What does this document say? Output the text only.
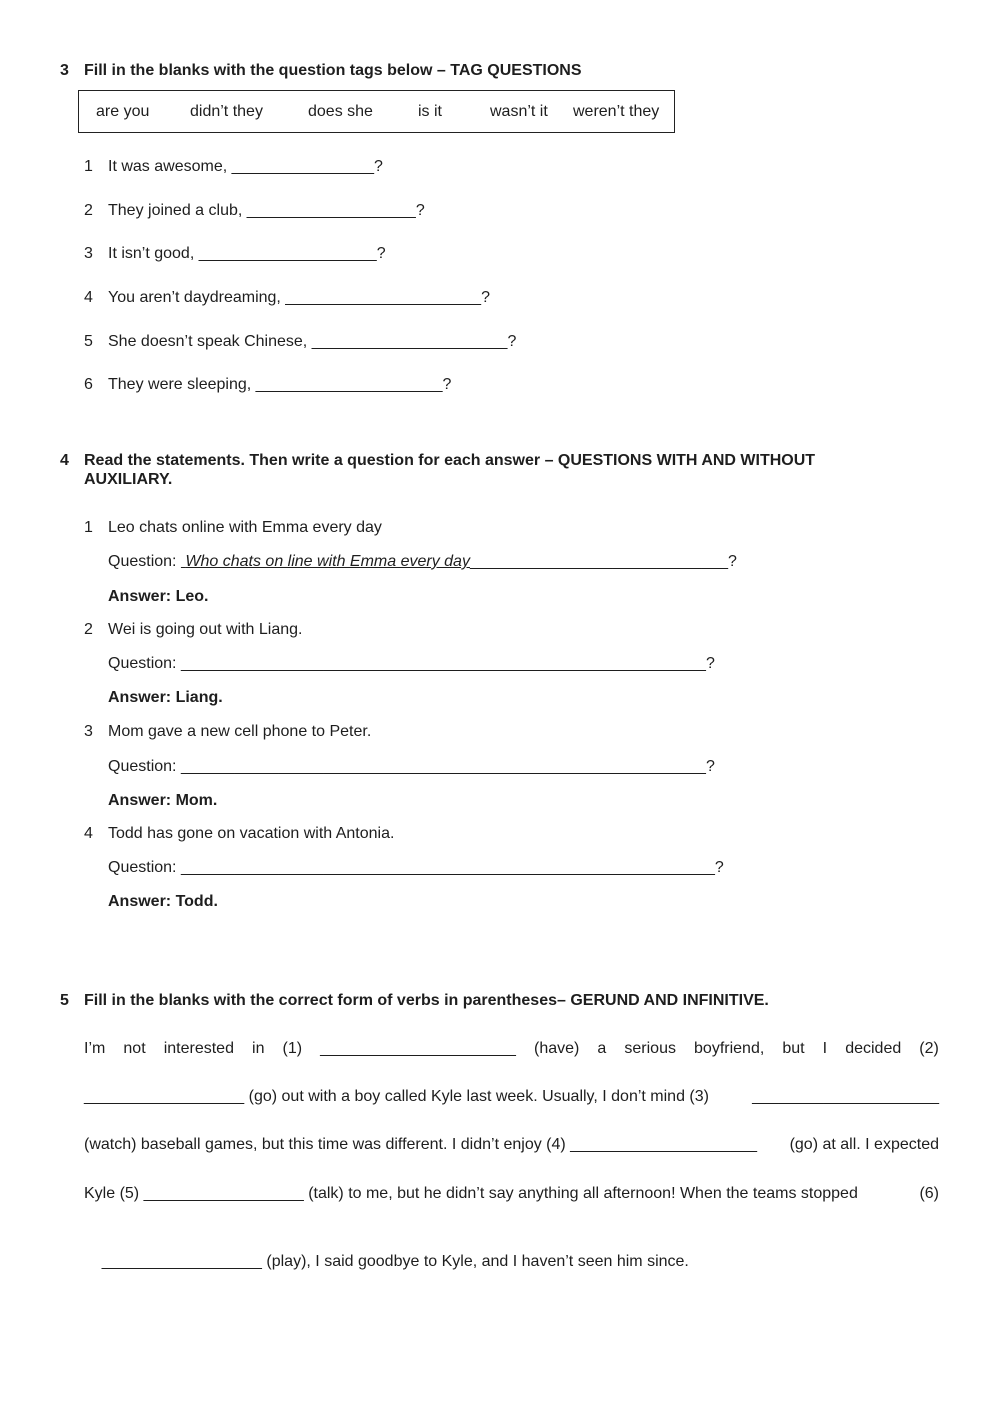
3 Fill in the blanks with the question tags below – TAG QUESTIONS
are you	didn’t they	does she	is it	wasn’t it weren’t they
1 It was awesome, ________________?
2 They joined a club, ___________________?
3 It isn’t good, ____________________?
4 You aren’t daydreaming, ______________________?
5 She doesn’t speak Chinese, ______________________?
6 They were sleeping, _____________________?
4 Read the statements. Then write a question for each answer – QUESTIONS WITH AND WITHOUT
AUXILIARY.
1 Leo chats online with Emma every day
Question:  Who chats on line with Emma every day_____________________________?
Answer: Leo.
2 Wei is going out with Liang.
Question: ___________________________________________________________?
Answer: Liang.
3 Mom gave a new cell phone to Peter.
Question: ___________________________________________________________?
Answer: Mom.
4 Todd has gone on vacation with Antonia.
Question: ____________________________________________________________?
Answer: Todd.
5 Fill in the blanks with the correct form of verbs in parentheses– GERUND AND INFINITIVE.
I’m not interested in (1) ______________________ (have) a serious boyfriend, but I decided (2)
__________________ (go) out with a boy called Kyle last week. Usually, I don’t mind (3)	_____________________
(watch) baseball games, but this time was different. I didn’t enjoy (4) _____________________ (go) at all. I expected
Kyle (5) __________________ (talk) to me, but he didn’t say anything all afternoon! When the teams stopped	(6)

__________________ (play), I said goodbye to Kyle, and I haven’t seen him since.
